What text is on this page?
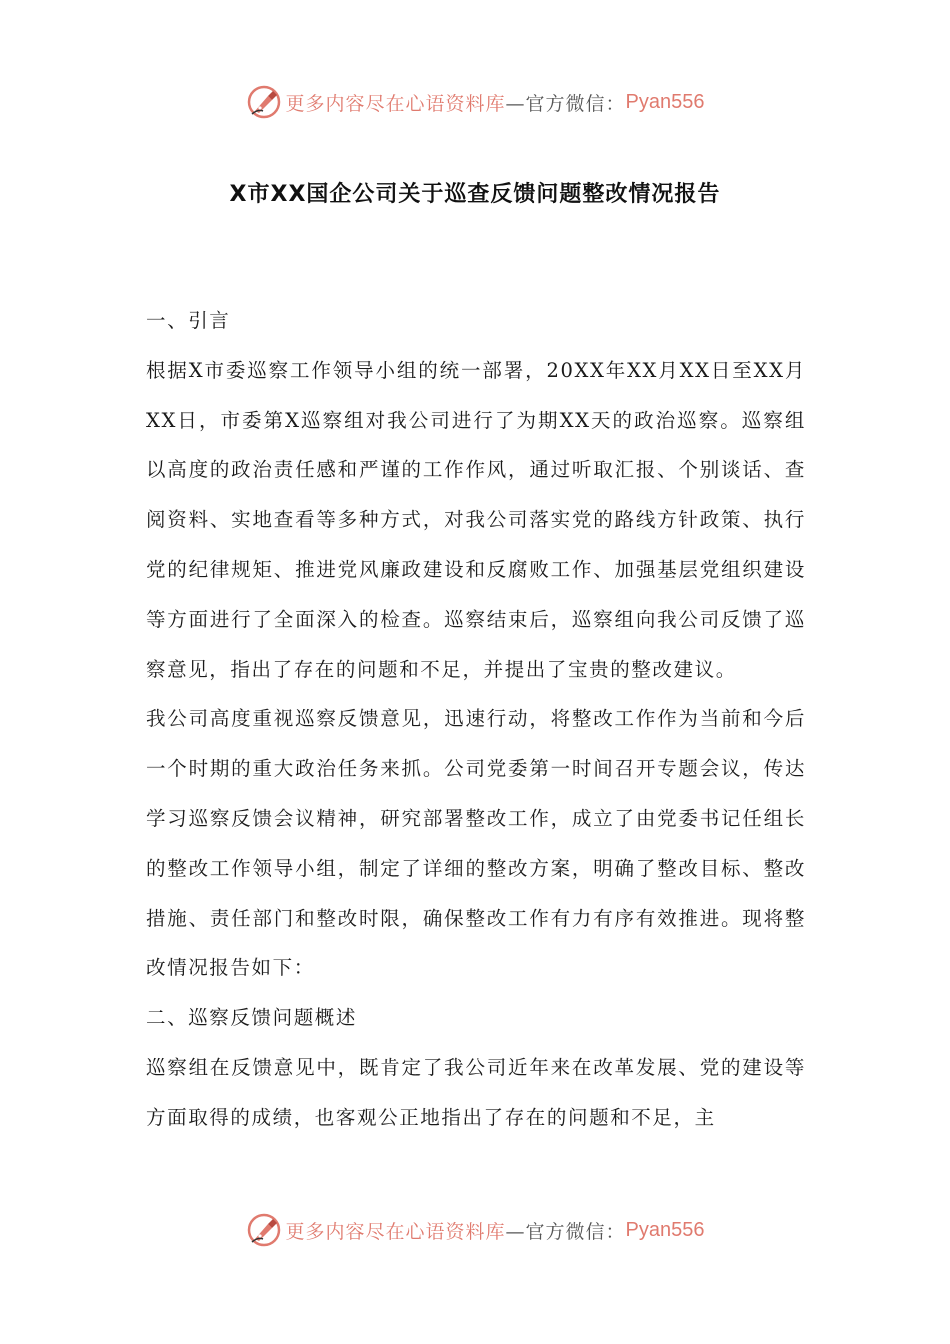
更多内容尽在心语资料库 —官方微信： Pyan556
X市XX国企公司关于巡查反馈问题整改情况报告

一、引言

根据X市委巡察工作领导小组的统一部署，20XX年XX月XX日至XX月XX日，市委第X巡察组对我公司进行了为期XX天的政治巡察。巡察组以高度的政治责任感和严谨的工作作风，通过听取汇报、个别谈话、查阅资料、实地查看等多种方式，对我公司落实党的路线方针政策、执行党的纪律规矩、推进党风廉政建设和反腐败工作、加强基层党组织建设等方面进行了全面深入的检查。巡察结束后，巡察组向我公司反馈了巡察意见，指出了存在的问题和不足，并提出了宝贵的整改建议。

我公司高度重视巡察反馈意见，迅速行动，将整改工作作为当前和今后一个时期的重大政治任务来抓。公司党委第一时间召开专题会议，传达学习巡察反馈会议精神，研究部署整改工作，成立了由党委书记任组长的整改工作领导小组，制定了详细的整改方案，明确了整改目标、整改措施、责任部门和整改时限，确保整改工作有力有序有效推进。现将整改情况报告如下：

二、巡察反馈问题概述

巡察组在反馈意见中，既肯定了我公司近年来在改革发展、党的建设等方面取得的成绩，也客观公正地指出了存在的问题和不足，主

更多内容尽在心语资料库 —官方微信： Pyan556
